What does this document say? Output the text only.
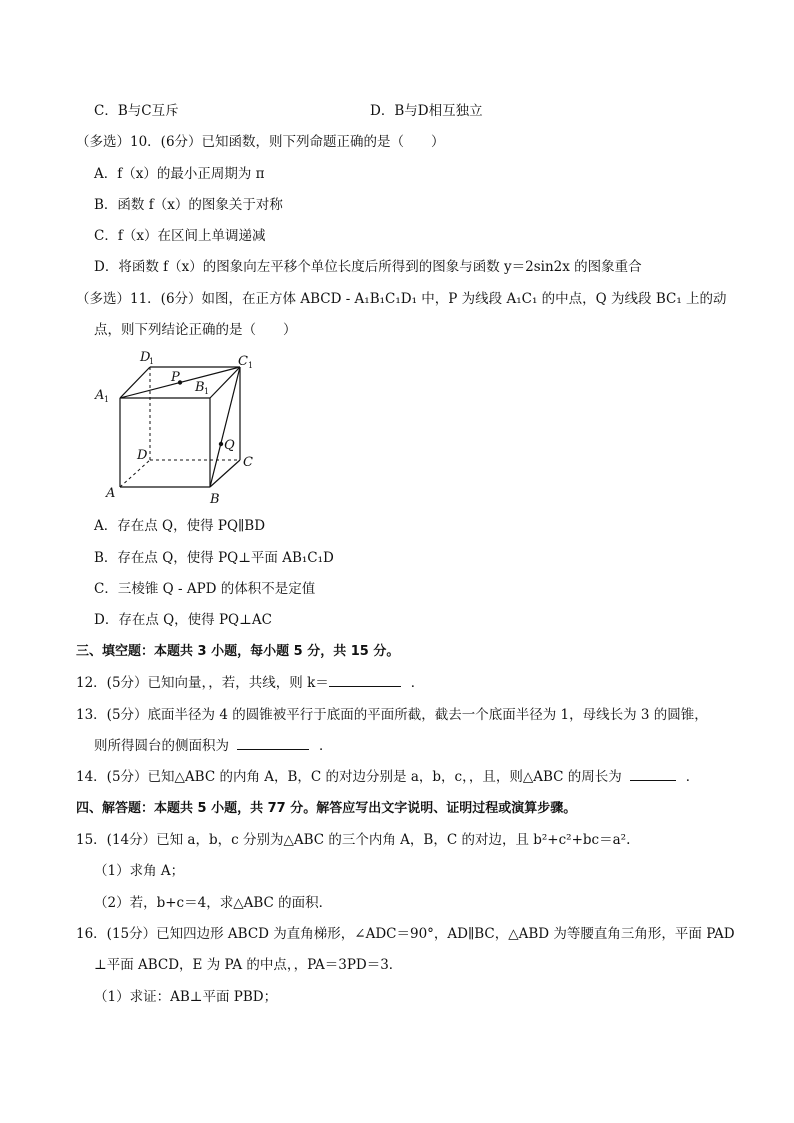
C．B与C互斥	D．B与D相互独立
（多选）10．(6分）已知函数，则下列命题正确的是（　　）
A．f（x）的最小正周期为 π
B．函数 f（x）的图象关于对称
C．f（x）在区间上单调递减
D．将函数 f（x）的图象向左平移个单位长度后所得到的图象与函数 y＝2sin2x 的图象重合
（多选）11．(6分）如图，在正方体 ABCD - A₁B₁C₁D₁ 中，P 为线段 A₁C₁ 的中点，Q 为线段 BC₁ 上的动
点，则下列结论正确的是（　　）
D
1	C 1
A 1
B 1
P
Q
D	C
A	B
A．存在点 Q，使得 PQ∥BD
B．存在点 Q，使得 PQ⊥平面 AB₁C₁D
C．三棱锥 Q - APD 的体积不是定值
D．存在点 Q，使得 PQ⊥AC
三、填空题：本题共 3 小题，每小题 5 分，共 15 分。
12．(5分）已知向量，，若，共线，则 k＝	．
13．(5分）底面半径为 4 的圆锥被平行于底面的平面所截，截去一个底面半径为 1，母线长为 3 的圆锥，
则所得圆台的侧面积为	．
14．(5分）已知△ABC 的内角 A，B，C 的对边分别是 a，b，c，，且，则△ABC 的周长为	．
四、解答题：本题共 5 小题，共 77 分。解答应写出文字说明、证明过程或演算步骤。
15．(14分）已知 a，b，c 分别为△ABC 的三个内角 A，B，C 的对边，且 b²+c²+bc＝a².
（1）求角 A；
（2）若，b+c＝4，求△ABC 的面积．
16．(15分）已知四边形 ABCD 为直角梯形，∠ADC＝90°，AD∥BC，△ABD 为等腰直角三角形，平面 PAD
⊥平面 ABCD，E 为 PA 的中点，，PA＝3PD＝3．
（1）求证：AB⊥平面 PBD；
